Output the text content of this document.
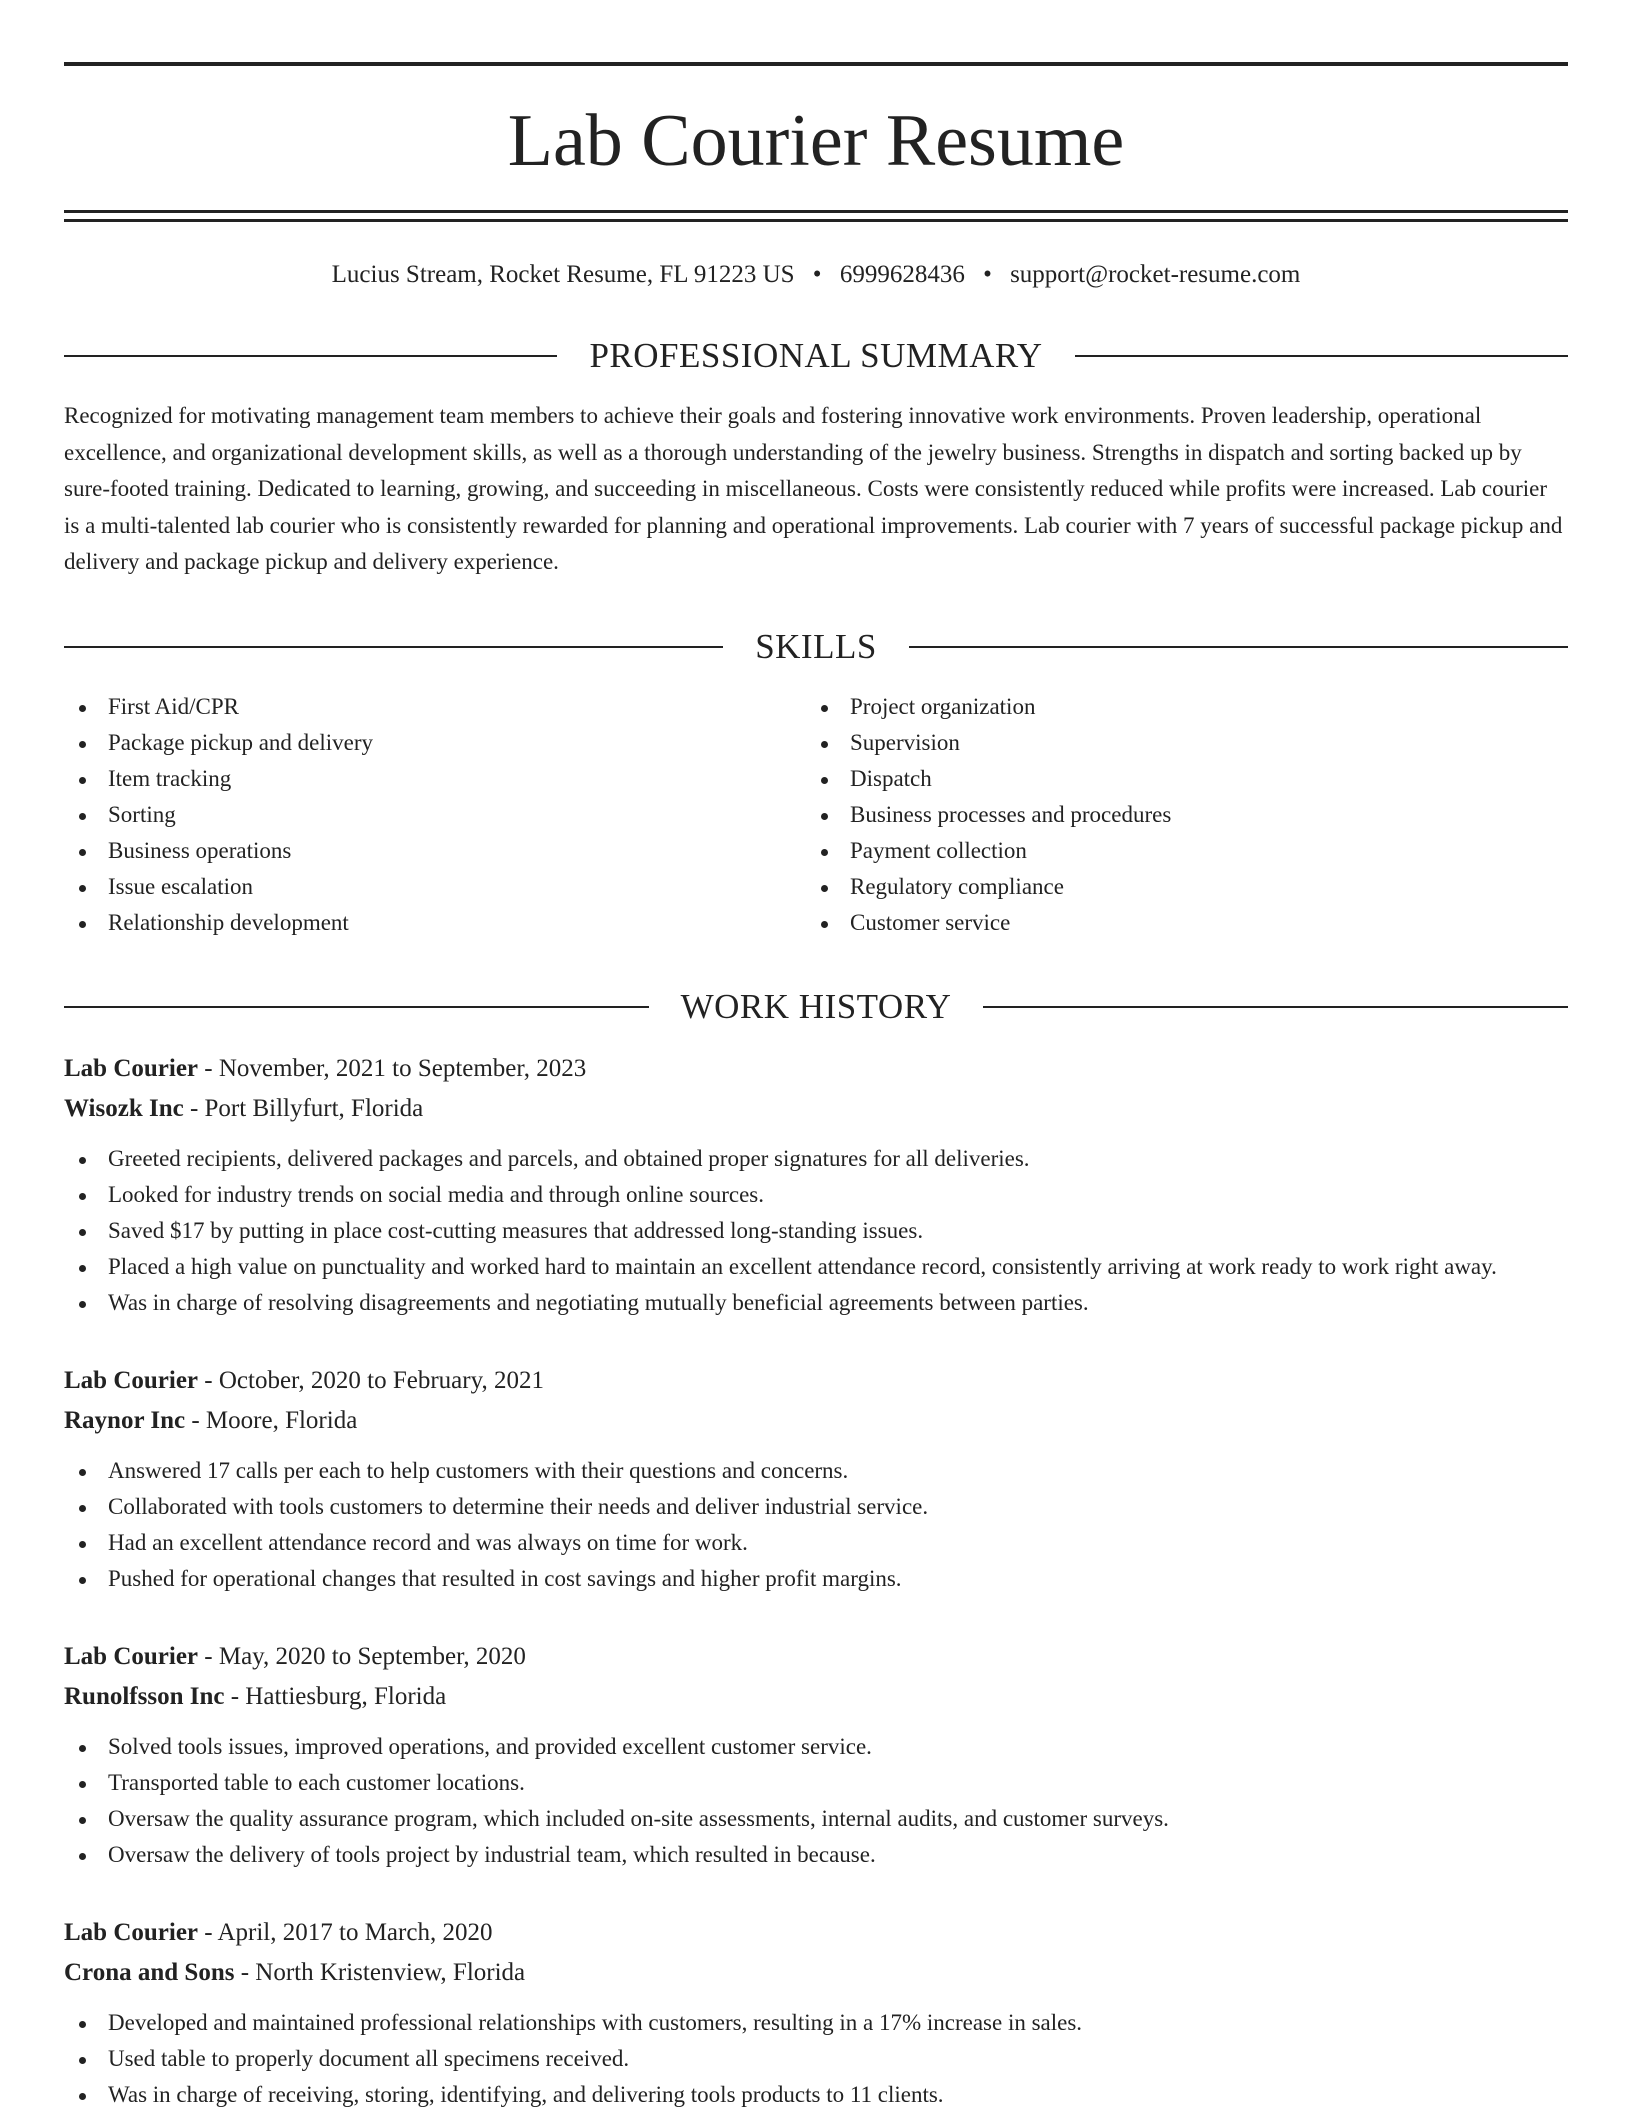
Lab Courier Resume
Lucius Stream, Rocket Resume, FL 91223 US • 6999628436 • support@rocket-resume.com
PROFESSIONAL SUMMARY

Recognized for motivating management team members to achieve their goals and fostering innovative work environments. Proven leadership, operational excellence, and organizational development skills, as well as a thorough understanding of the jewelry business. Strengths in dispatch and sorting backed up by sure-footed training. Dedicated to learning, growing, and succeeding in miscellaneous. Costs were consistently reduced while profits were increased. Lab courier is a multi-talented lab courier who is consistently rewarded for planning and operational improvements. Lab courier with 7 years of successful package pickup and delivery and package pickup and delivery experience.

SKILLS
First Aid/CPR
Package pickup and delivery
Item tracking
Sorting
Business operations
Issue escalation
Relationship development
Project organization
Supervision
Dispatch
Business processes and procedures
Payment collection
Regulatory compliance
Customer service
WORK HISTORY
Lab Courier - November, 2021 to September, 2023
Wisozk Inc - Port Billyfurt, Florida
Greeted recipients, delivered packages and parcels, and obtained proper signatures for all deliveries.
Looked for industry trends on social media and through online sources.
Saved $17 by putting in place cost-cutting measures that addressed long-standing issues.
Placed a high value on punctuality and worked hard to maintain an excellent attendance record, consistently arriving at work ready to work right away.
Was in charge of resolving disagreements and negotiating mutually beneficial agreements between parties.
Lab Courier - October, 2020 to February, 2021
Raynor Inc - Moore, Florida
Answered 17 calls per each to help customers with their questions and concerns.
Collaborated with tools customers to determine their needs and deliver industrial service.
Had an excellent attendance record and was always on time for work.
Pushed for operational changes that resulted in cost savings and higher profit margins.
Lab Courier - May, 2020 to September, 2020
Runolfsson Inc - Hattiesburg, Florida
Solved tools issues, improved operations, and provided excellent customer service.
Transported table to each customer locations.
Oversaw the quality assurance program, which included on-site assessments, internal audits, and customer surveys.
Oversaw the delivery of tools project by industrial team, which resulted in because.
Lab Courier - April, 2017 to March, 2020
Crona and Sons - North Kristenview, Florida
Developed and maintained professional relationships with customers, resulting in a 17% increase in sales.
Used table to properly document all specimens received.
Was in charge of receiving, storing, identifying, and delivering tools products to 11 clients.
